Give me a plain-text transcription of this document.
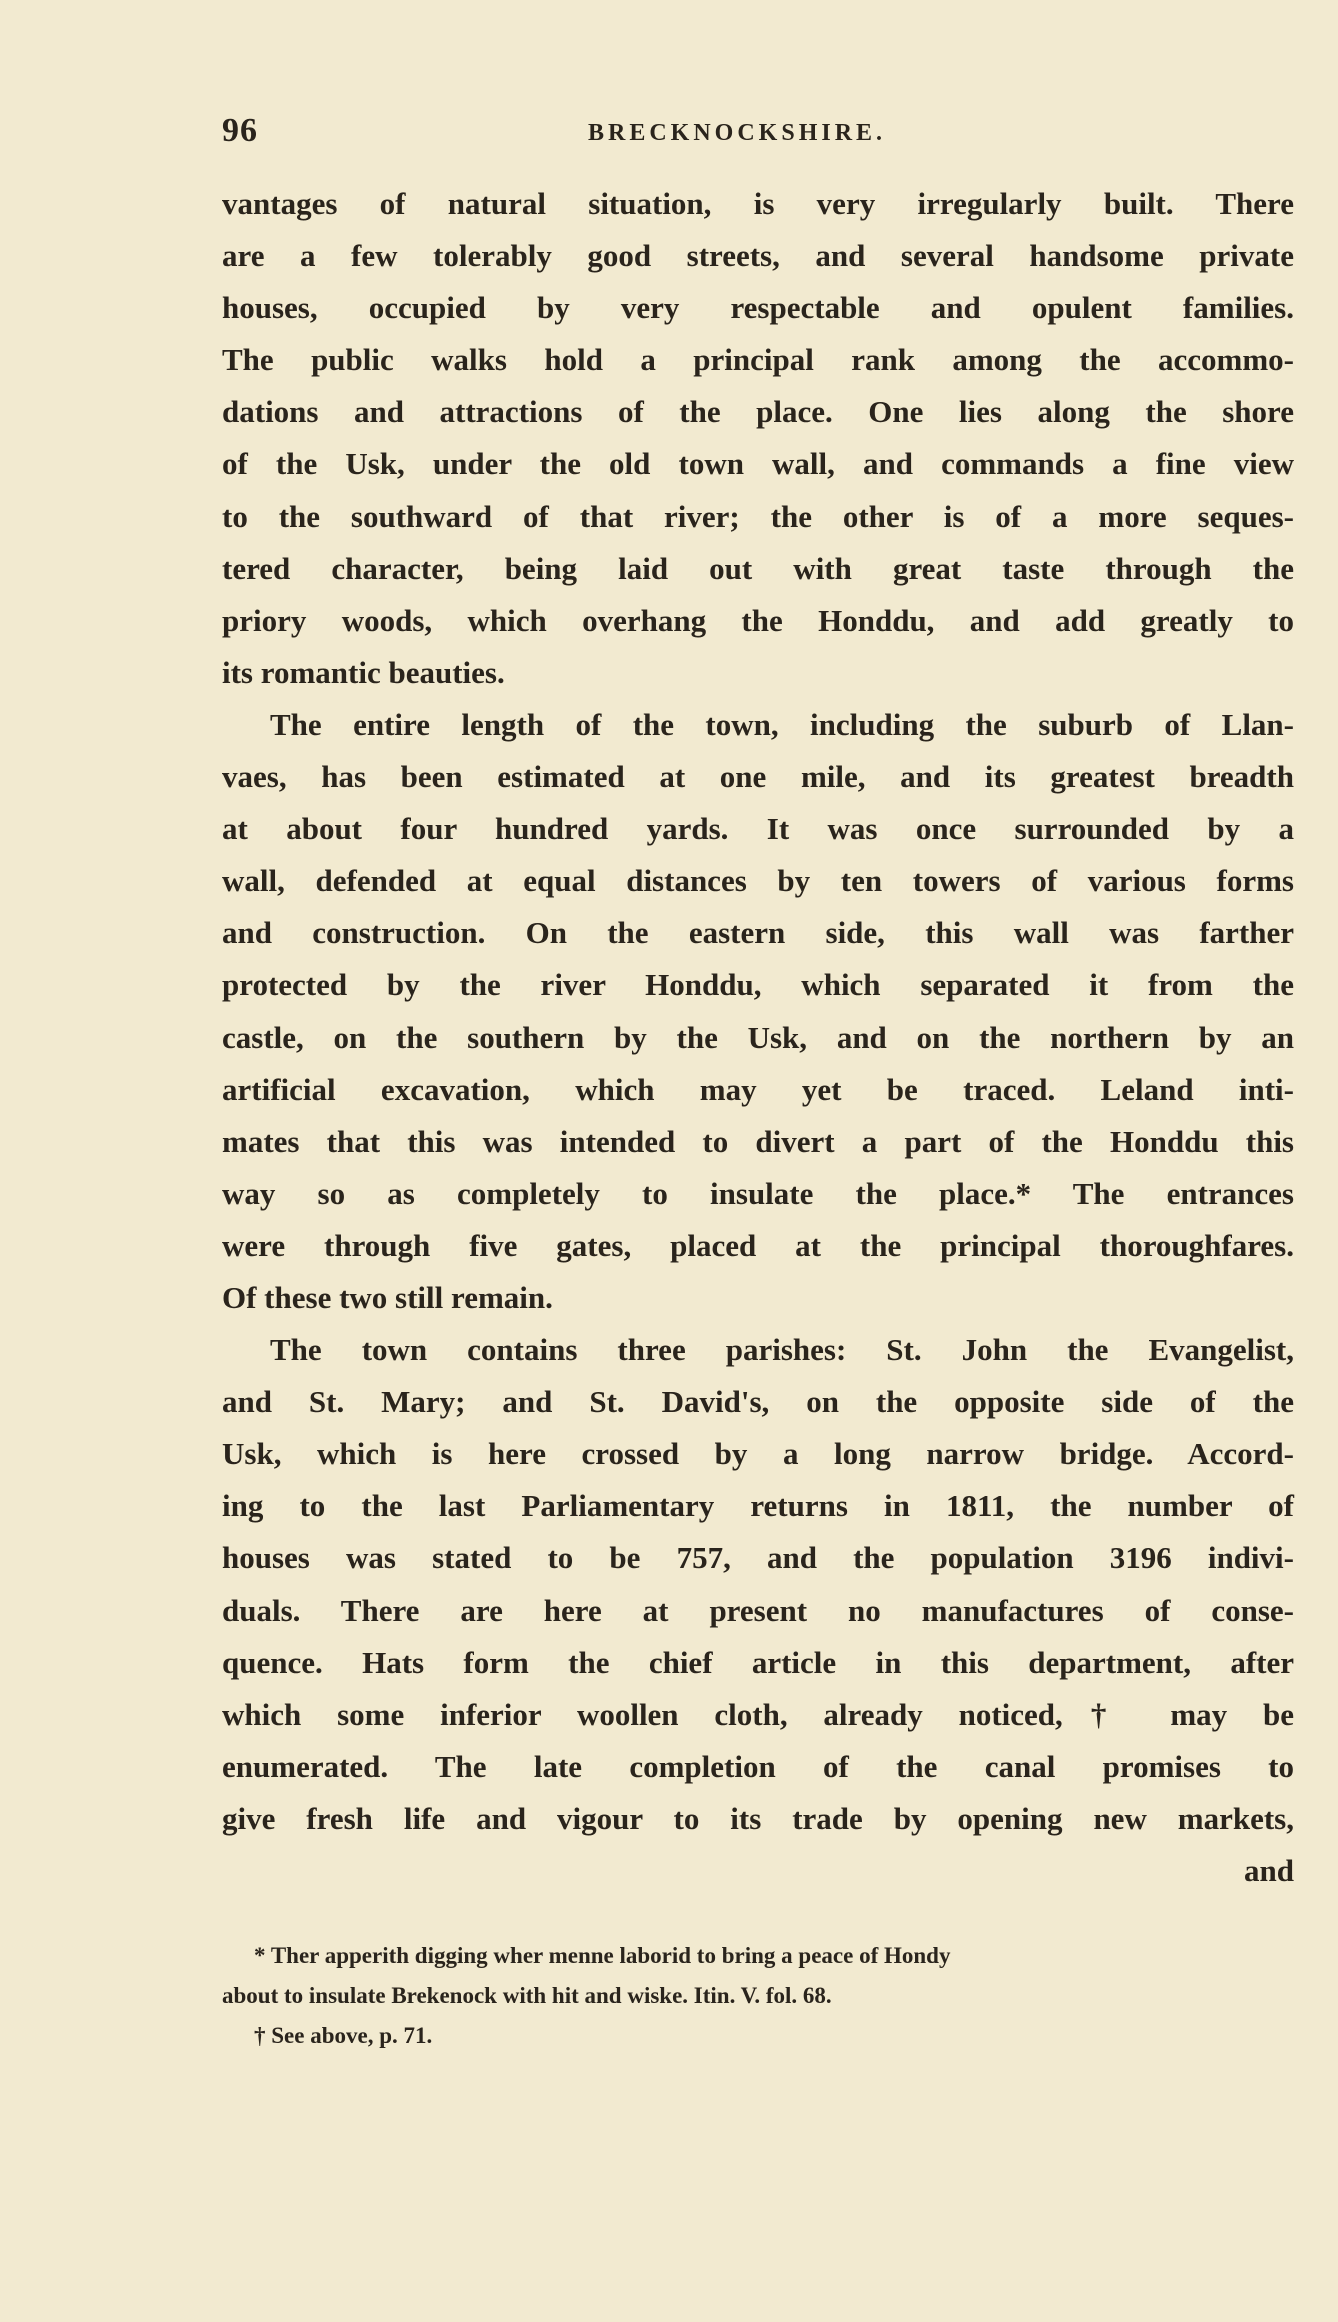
96	BRECKNOCKSHIRE.
vantages of natural situation, is very irregularly built. There
are a few tolerably good streets, and several handsome private
houses, occupied by very respectable and opulent families.
The public walks hold a principal rank among the accommo-
dations and attractions of the place. One lies along the shore
of the Usk, under the old town wall, and commands a fine view
to the southward of that river; the other is of a more seques-
tered character, being laid out with great taste through the
priory woods, which overhang the Honddu, and add greatly to
its romantic beauties.
The entire length of the town, including the suburb of Llan-
vaes, has been estimated at one mile, and its greatest breadth
at about four hundred yards. It was once surrounded by a
wall, defended at equal distances by ten towers of various forms
and construction. On the eastern side, this wall was farther
protected by the river Honddu, which separated it from the
castle, on the southern by the Usk, and on the northern by an
artificial excavation, which may yet be traced. Leland inti-
mates that this was intended to divert a part of the Honddu this
way so as completely to insulate the place.* The entrances
were through five gates, placed at the principal thoroughfares.
Of these two still remain.
The town contains three parishes: St. John the Evangelist,
and St. Mary; and St. David's, on the opposite side of the
Usk, which is here crossed by a long narrow bridge. Accord-
ing to the last Parliamentary returns in 1811, the number of
houses was stated to be 757, and the population 3196 indivi-
duals. There are here at present no manufactures of conse-
quence. Hats form the chief article in this department, after
which some inferior woollen cloth, already noticed,† may be
enumerated. The late completion of the canal promises to
give fresh life and vigour to its trade by opening new markets,
and
* Ther apperith digging wher menne laborid to bring a peace of Hondy
about to insulate Brekenock with hit and wiske. Itin. V. fol. 68.
† See above, p. 71.
